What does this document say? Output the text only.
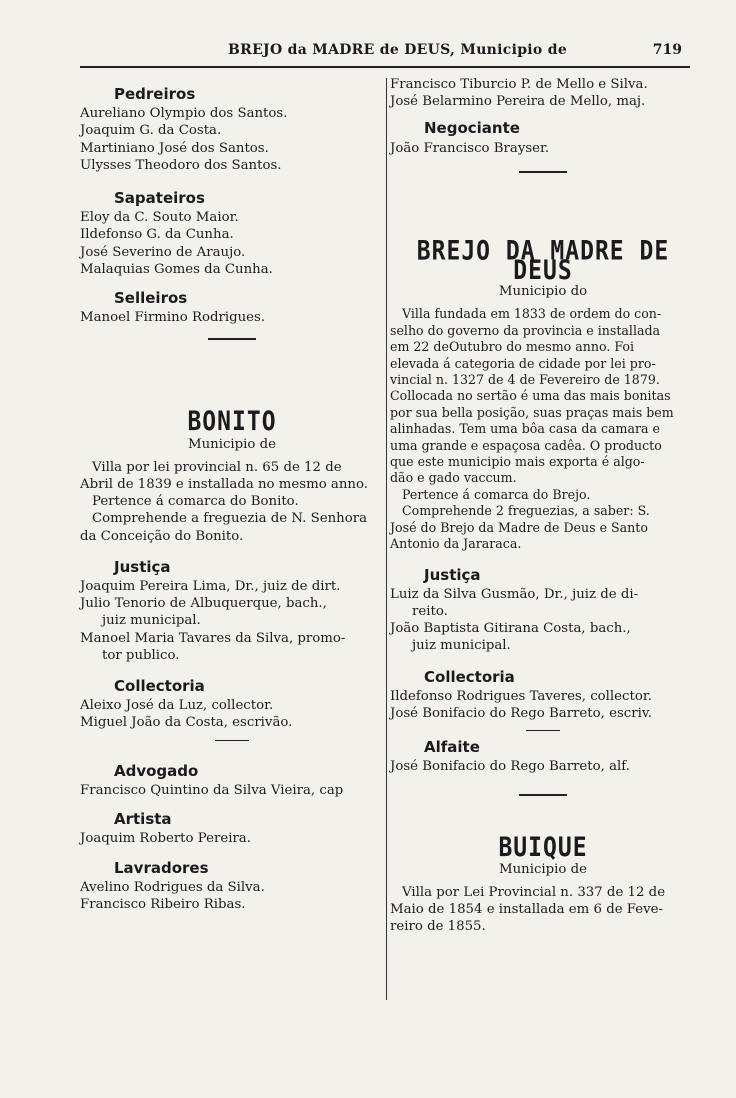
BREJO da MADRE de DEUS, Municipio de	719
Pedreiros
Aureliano Olympio dos Santos.
Joaquim G. da Costa.
Martiniano José dos Santos.
Ulysses Theodoro dos Santos.
Sapateiros
Eloy da C. Souto Maior.
Ildefonso G. da Cunha.
José Severino de Araujo.
Malaquias Gomes da Cunha.
Selleiros
Manoel Firmino Rodrigues.
BONITO
Municipio de
Villa por lei provincial n. 65 de 12 de
Abril de 1839 e installada no mesmo anno.
Pertence á comarca do Bonito.
Comprehende a freguezia de N. Senhora
da Conceição do Bonito.
Justiça
Joaquim Pereira Lima, Dr., juiz de dirt.
Julio Tenorio de Albuquerque, bach.,
juiz municipal.
Manoel Maria Tavares da Silva, promo-
tor publico.
Collectoria
Aleixo José da Luz, collector.
Miguel João da Costa, escrivão.
Advogado
Francisco Quintino da Silva Vieira, cap
Artista
Joaquim Roberto Pereira.
Lavradores
Avelino Rodrigues da Silva.
Francisco Ribeiro Ribas.
Francisco Tiburcio P. de Mello e Silva.
José Belarmino Pereira de Mello, maj.
Negociante
João Francisco Brayser.
BREJO DA MADRE DE DEUS
Municipio do
Villa fundada em 1833 de ordem do con-
selho do governo da provincia e installada
em 22 deOutubro do mesmo anno. Foi
elevada á categoria de cidade por lei pro-
vincial n. 1327 de 4 de Fevereiro de 1879.
Collocada no sertão é uma das mais bonitas
por sua bella posição, suas praças mais bem
alinhadas. Tem uma bôa casa da camara e
uma grande e espaçosa cadêa. O producto
que este municipio mais exporta é algo-
dão e gado vaccum.
Pertence á comarca do Brejo.
Comprehende 2 freguezias, a saber: S.
José do Brejo da Madre de Deus e Santo
Antonio da Jararaca.
Justiça
Luiz da Silva Gusmão, Dr., juiz de di-
reito.
João Baptista Gitirana Costa, bach.,
juiz municipal.
Collectoria
Ildefonso Rodrigues Taveres, collector.
José Bonifacio do Rego Barreto, escriv.
Alfaite
José Bonifacio do Rego Barreto, alf.
BUIQUE
Municipio de
Villa por Lei Provincial n. 337 de 12 de
Maio de 1854 e installada em 6 de Feve-
reiro de 1855.
